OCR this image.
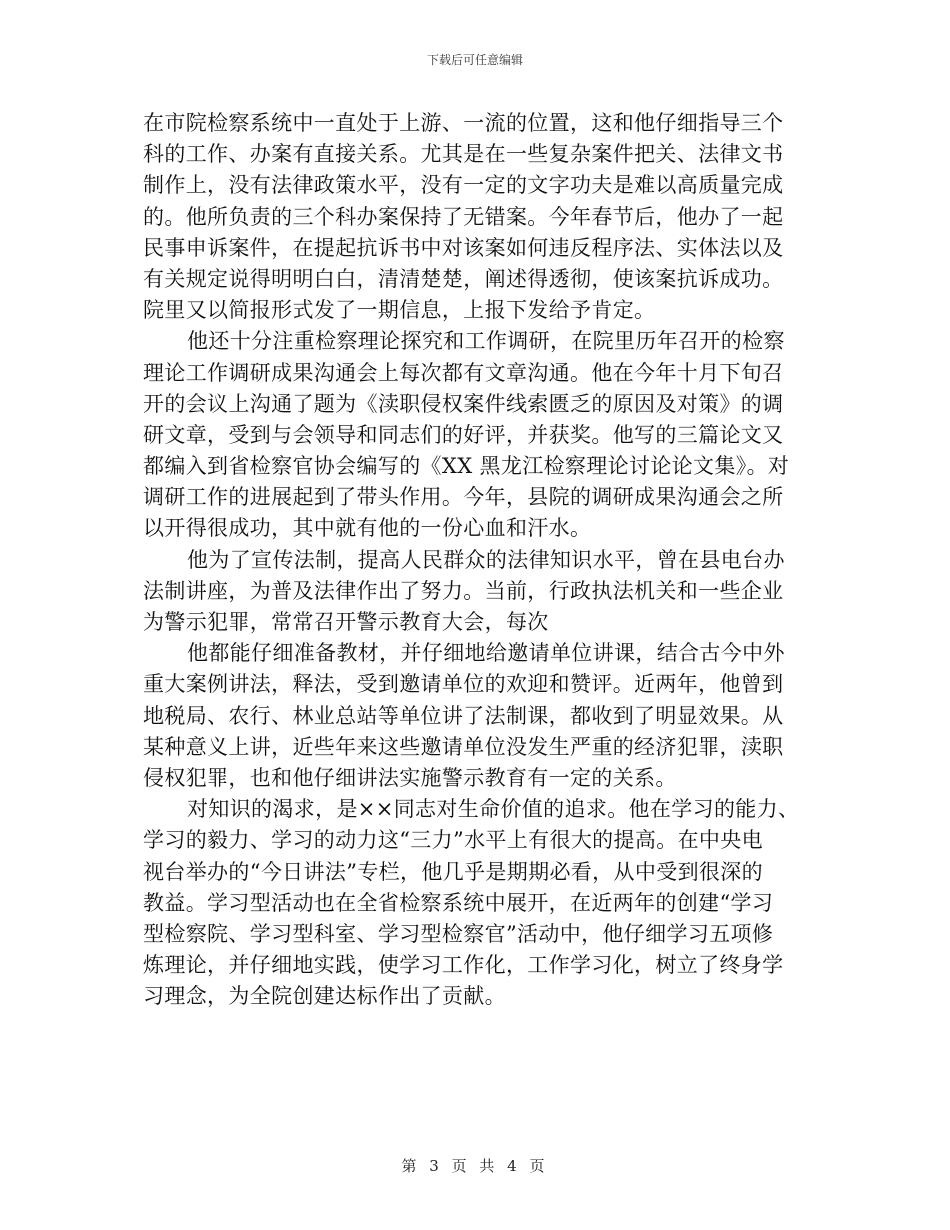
下载后可任意编辑
在市院检察系统中一直处于上游、一流的位置，这和他仔细指导三个
科的工作、办案有直接关系。尤其是在一些复杂案件把关、法律文书
制作上，没有法律政策水平，没有一定的文字功夫是难以高质量完成
的。他所负责的三个科办案保持了无错案。今年春节后，他办了一起
民事申诉案件，在提起抗诉书中对该案如何违反程序法、实体法以及
有关规定说得明明白白，清清楚楚，阐述得透彻，使该案抗诉成功。
院里又以简报形式发了一期信息，上报下发给予肯定。
他还十分注重检察理论探究和工作调研，在院里历年召开的检察
理论工作调研成果沟通会上每次都有文章沟通。他在今年十月下旬召
开的会议上沟通了题为《渎职侵权案件线索匮乏的原因及对策》的调
研文章，受到与会领导和同志们的好评，并获奖。他写的三篇论文又
都编入到省检察官协会编写的《XX 黑龙江检察理论讨论论文集》。对
调研工作的进展起到了带头作用。今年，县院的调研成果沟通会之所
以开得很成功，其中就有他的一份心血和汗水。
他为了宣传法制，提高人民群众的法律知识水平，曾在县电台办
法制讲座，为普及法律作出了努力。当前，行政执法机关和一些企业
为警示犯罪，常常召开警示教育大会，每次
他都能仔细准备教材，并仔细地给邀请单位讲课，结合古今中外
重大案例讲法，释法，受到邀请单位的欢迎和赞评。近两年，他曾到
地税局、农行、林业总站等单位讲了法制课，都收到了明显效果。从
某种意义上讲，近些年来这些邀请单位没发生严重的经济犯罪，渎职
侵权犯罪，也和他仔细讲法实施警示教育有一定的关系。
对知识的渴求，是××同志对生命价值的追求。他在学习的能力、
学习的毅力、学习的动力这“三力”水平上有很大的提高。在中央电
视台举办的“今日讲法”专栏，他几乎是期期必看，从中受到很深的
教益。学习型活动也在全省检察系统中展开，在近两年的创建“学习
型检察院、学习型科室、学习型检察官”活动中，他仔细学习五项修
炼理论，并仔细地实践，使学习工作化，工作学习化，树立了终身学
习理念，为全院创建达标作出了贡献。
第 3 页 共 4 页
